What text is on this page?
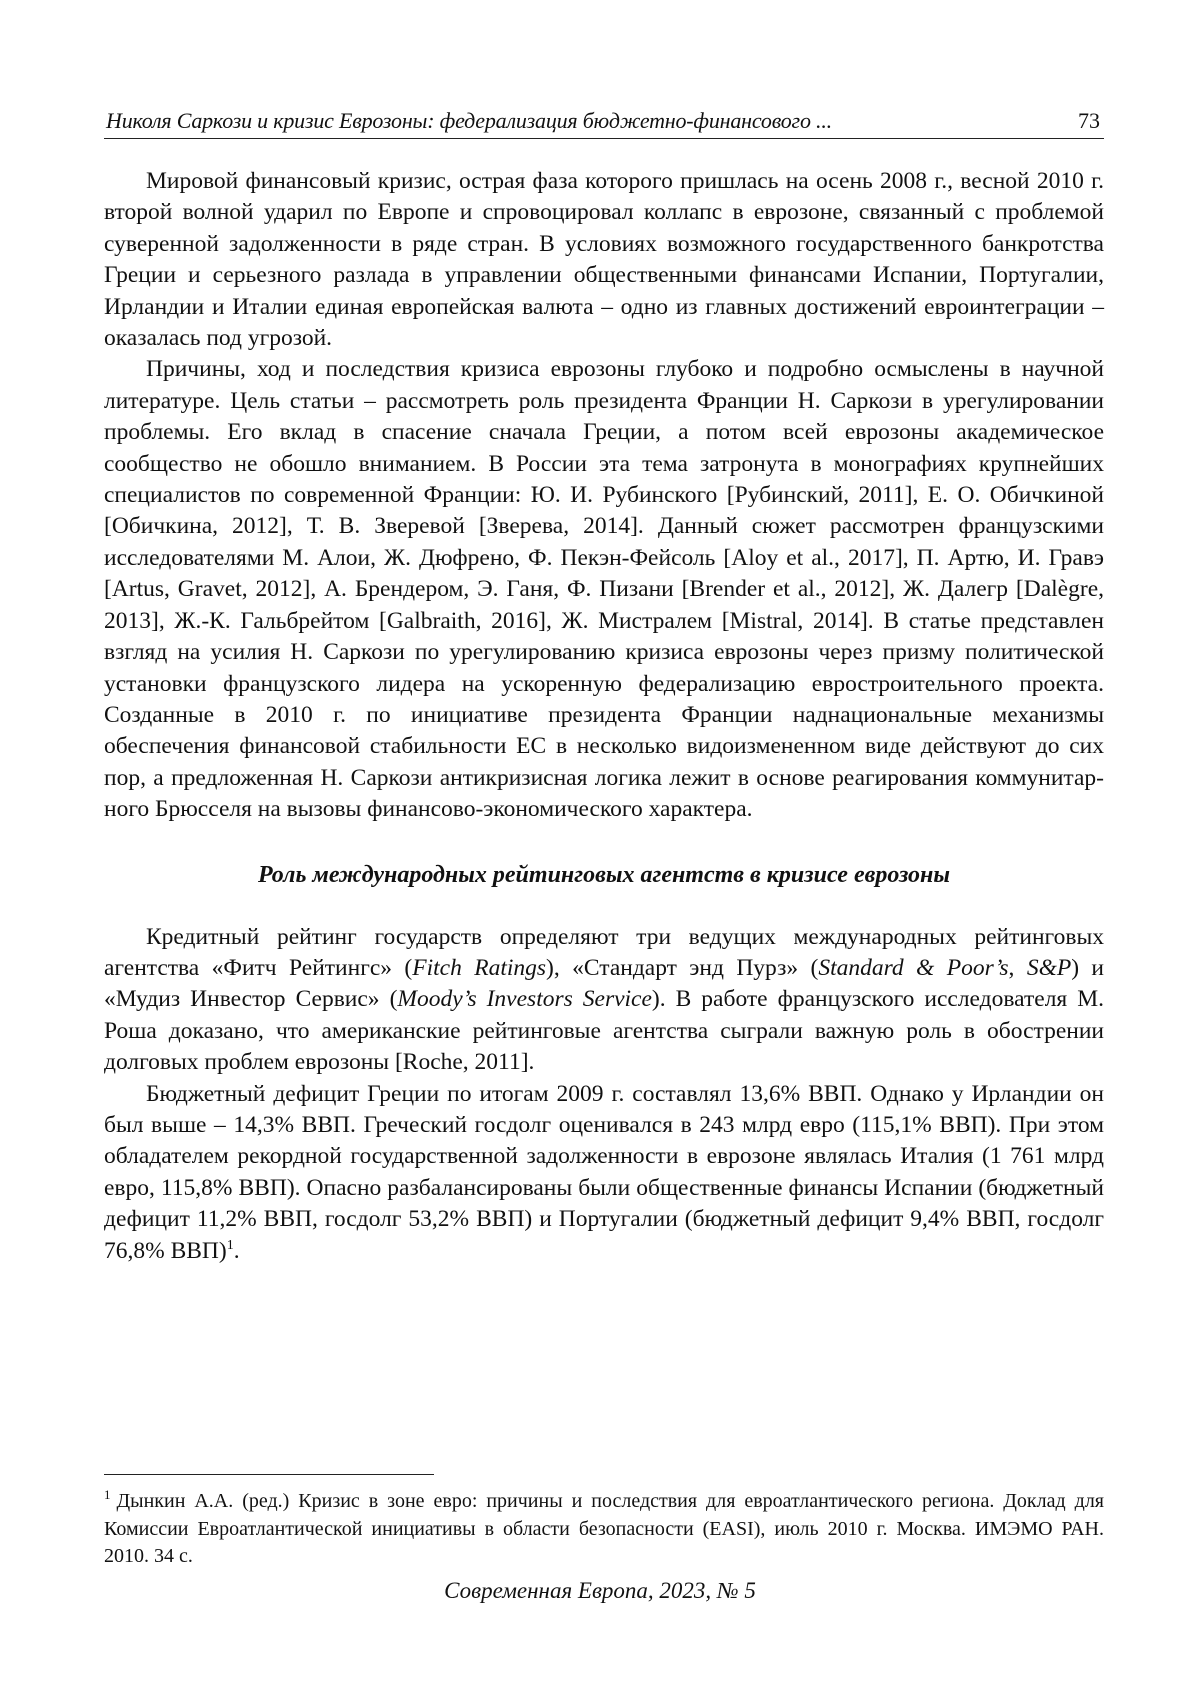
Николя Саркози и кризис Еврозоны: федерализация бюджетно-финансового ...	73

Мировой финансовый кризис, острая фаза которого пришлась на осень 2008 г., весной 2010 г. второй волной ударил по Европе и спровоцировал коллапс в еврозоне, связанный с проблемой суверенной задолженности в ряде стран. В условиях возможного государственного банкротства Греции и серьезного разлада в управлении общественными финансами Испании, Португалии, Ирландии и Италии единая европейская валюта – одно из главных достижений евроинтеграции – оказалась под угрозой.

Причины, ход и последствия кризиса еврозоны глубоко и подробно осмыслены в научной литературе. Цель статьи – рассмотреть роль президента Франции Н. Саркози в урегулировании проблемы. Его вклад в спасение сначала Греции, а потом всей еврозоны академическое сообщество не обошло вниманием. В России эта тема затронута в монографиях крупнейших специалистов по современной Франции: Ю. И. Рубинского [Рубинский, 2011], Е. О. Обичкиной [Обичкина, 2012], Т. В. Зверевой [Зверева, 2014]. Данный сюжет рассмотрен французскими исследователями М. Алои, Ж. Дюфрено, Ф. Пекэн-Фейсоль [Aloy et al., 2017], П. Артю, И. Гравэ [Artus, Gravet, 2012], А. Брендером, Э. Ганя, Ф. Пизани [Brender et al., 2012], Ж. Далегр [Dalègre, 2013], Ж.-К. Гальбрейтом [Galbraith, 2016], Ж. Мистралем [Mistral, 2014]. В статье представлен взгляд на усилия Н. Саркози по урегулированию кризиса еврозоны через призму политической установки французского лидера на ускоренную федерализацию евростроительного проекта. Созданные в 2010 г. по инициативе президента Франции наднациональные механизмы обеспечения финансовой стабильности ЕС в несколько видоизмененном виде действуют до сих пор, а предложенная Н. Саркози антикризисная логика лежит в основе реагирования коммунитарного Брюсселя на вызовы финансово-экономического характера.

Роль международных рейтинговых агентств в кризисе еврозоны

Кредитный рейтинг государств определяют три ведущих международных рейтинговых агентства «Фитч Рейтингс» (Fitch Ratings), «Стандарт энд Пурз» (Standard & Poor’s, S&P) и «Мудиз Инвестор Сервис» (Moody’s Investors Service). В работе французского исследователя М. Роша доказано, что американские рейтинговые агентства сыграли важную роль в обострении долговых проблем еврозоны [Roche, 2011].

Бюджетный дефицит Греции по итогам 2009 г. составлял 13,6% ВВП. Однако у Ирландии он был выше – 14,3% ВВП. Греческий госдолг оценивался в 243 млрд евро (115,1% ВВП). При этом обладателем рекордной государственной задолженности в еврозоне являлась Италия (1 761 млрд евро, 115,8% ВВП). Опасно разбалансированы были общественные финансы Испании (бюджетный дефицит 11,2% ВВП, госдолг 53,2% ВВП) и Португалии (бюджетный дефицит 9,4% ВВП, госдолг 76,8% ВВП)$^1$.

$^1$ Дынкин А.А. (ред.) Кризис в зоне евро: причины и последствия для евроатлантического региона. Доклад для Комиссии Евроатлантической инициативы в области безопасности (EASI), июль 2010 г. Москва. ИМЭМО РАН. 2010. 34 с.
Современная Европа, 2023, № 5
